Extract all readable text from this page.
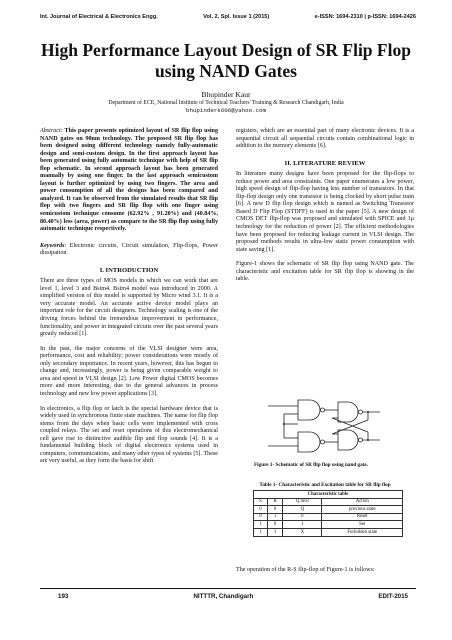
Int. Journal of Electrical & Electronics Engg.	Vol. 2, Spl. Issue 1 (2015)	e-ISSN: 1694-2310 | p-ISSN: 1694-2426
High Performance Layout Design of SR Flip Flop using NAND Gates
Bhupinder Kaur
Department of ECE, National Institute of Technical Teachers' Training & Research Chandigarh, India
bhupinderk606@yahoo.com

Abstract: This paper presents optimized layout of SR flip flop using NAND gates on 90nm technology. The proposed SR flip flop has been designed using different technology namely fully-automatic design and semi-custom design. In the first approach layout has been generated using fully automatic technique with help of SR flip flop schematic. In second approach layout has been generated manually by using one finger. In the last approach semicustom layout is further optimized by using two fingers. The area and power consumption of all the designs has been compared and analyzed. It can be observed from the simulated results that SR flip flop with two fingers and SR flip flop with one finger using semicustom technique consume (62.92% , 91.20%) and (40.84%, 80.40%) less (area, power) as compare to the SR flip flop using fully automatic technique respectively.

Keywords: Electronic circuits, Circuit simulation, Flip-flops, Power dissipation.

I. INTRODUCTION

There are three types of MOS models in which we can work that are level 1, level 3 and Bsim4. Bsim4 model was introduced in 2000. A simplified version of this model is supported by Micro wind 3.1. It is a very accurate model. An accurate active device model plays an important role for the circuit designers. Technology scaling is one of the driving forces behind the tremendous improvement in performance, functionality, and power in integrated circuits over the past several years greatly reduced [1].

In the past, the major concerns of the VLSI designer were area, performance, cost and reliability; power considerations were mostly of only secondary importance. In recent years, however, this has begun to change and, increasingly, power is being given comparable weight to area and speed in VLSI design [2]. Low Power digital CMOS becomes more and more interesting, due to the general advances in process technology and new low power applications [3].

In electronics, a flip flop or latch is the special hardware device that is widely used in synchronous finite state machines. The name for flip flop stems from the days when basic cells were implemented with cross coupled relays. The set and reset operations of this electromechanical cell gave rise to distinctive audible flip and flop sounds [4]. It is a fundamental building block of digital electronics systems used in computers, communications, and many other types of systems [5]. These are very useful, as they form the basis for shift

registers, which are an essential part of many electronic devices. It is a sequential circuit all sequential circuits contain combinational logic in addition to the memory elements [6].

II. LITERATURE REVIEW

In literature many designs have been proposed for the flip-flops to reduce power and area constraints. One paper enumerates a low power, high speed design of flip-flop having less number of transistors. In that flip-flop design only one transistor is being clocked by short pulse train [6]. A new D flip flop design which is named as Switching Transistor Based D Flip Flop (STDFF) is used in the paper [5]. A new design of CMOS DET flip-flop was proposed and simulated with SPICE and 1μ technology for the reduction of power [2]. The efficient methodologies have been proposed for reducing leakage current in VLSI design. The proposed methods results in ultra-low static power consumption with state saving [1].

Figure-1 shows the schematic of SR flip flop using NAND gate. The characteristic and excitation table for SR flip flop is showing in the table.

Figure 1- Schematic of SR flip flop using nand gate.
Table 1- Characteristic and Excitation table for SR flip flop
Characteristic table			
S	R	Q next	Action
0	0	Q	previous state
0	1	0	Reset
1	0	1	Set
1	1	X	Forbidden state

The operation of the R-S flip-flop of Figure-1 is follows:

193	NITTTR, Chandigarh	EDIT-2015
